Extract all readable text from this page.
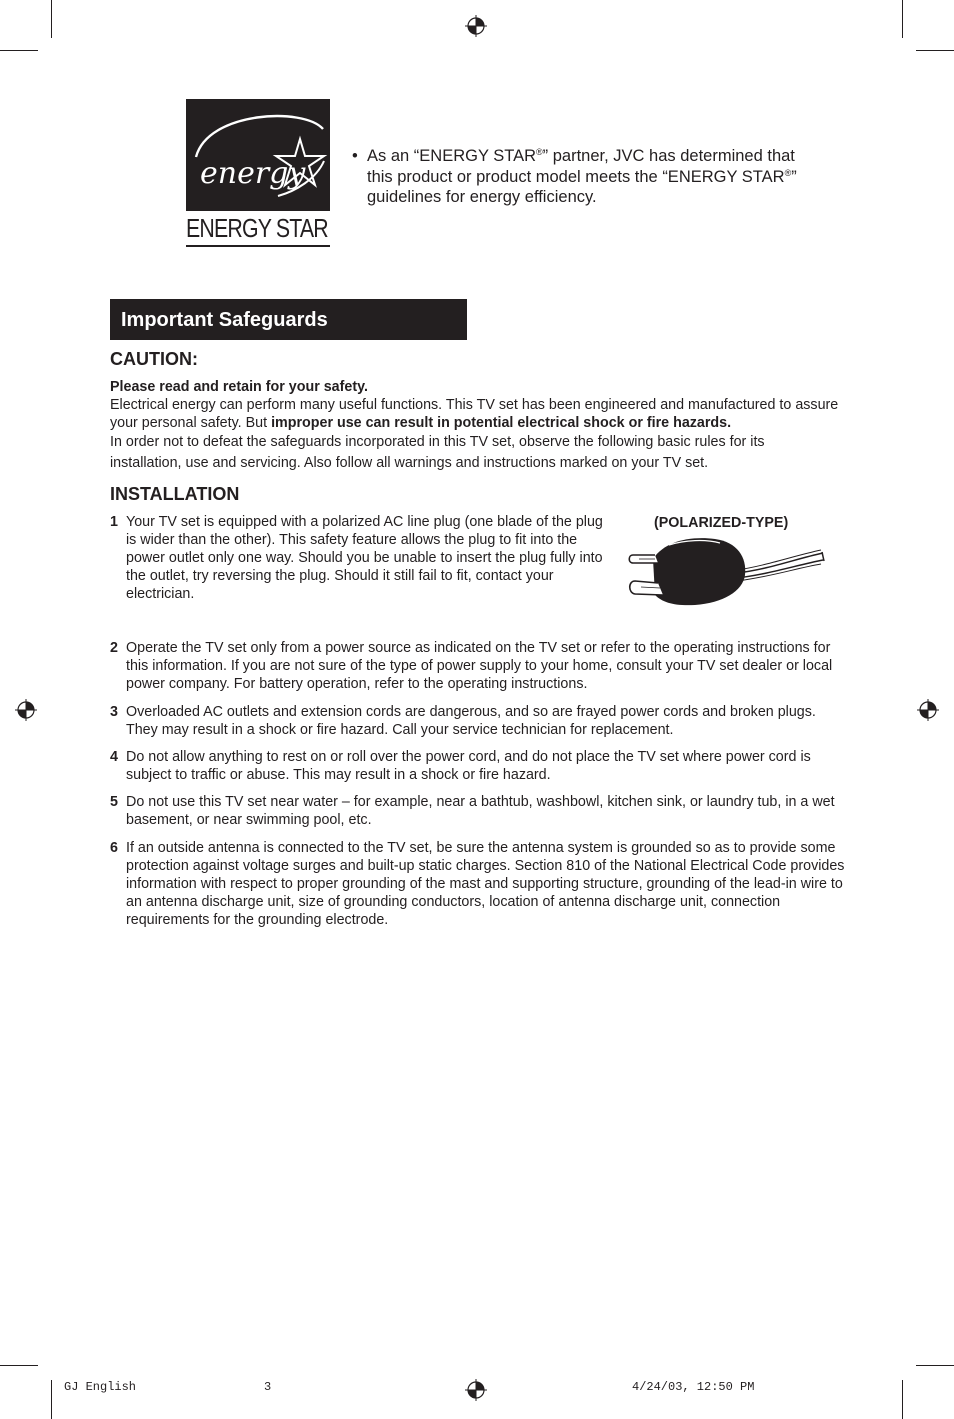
energy
ENERGY STAR
• As an “ENERGY STAR®” partner, JVC has determined that this product or product model meets the “ENERGY STAR®” guidelines for energy efficiency.
Important Safeguards
CAUTION:
Please read and retain for your safety.
Electrical energy can perform many useful functions. This TV set has been engineered and manufactured to assure your personal safety. But improper use can result in potential electrical shock or fire hazards.
In order not to defeat the safeguards incorporated in this TV set, observe the following basic rules for its installation, use and servicing. Also follow all warnings and instructions marked on your TV set.
INSTALLATION
1 Your TV set is equipped with a polarized AC line plug (one blade of the plug is wider than the other). This safety feature allows the plug to fit into the power outlet only one way. Should you be unable to insert the plug fully into the outlet, try reversing the plug. Should it still fail to fit, contact your electrician.
(POLARIZED-TYPE)
2 Operate the TV set only from a power source as indicated on the TV set or refer to the operating instructions for this information. If you are not sure of the type of power supply to your home, consult your TV set dealer or local power company. For battery operation, refer to the operating instructions.
3 Overloaded AC outlets and extension cords are dangerous, and so are frayed power cords and broken plugs. They may result in a shock or fire hazard. Call your service technician for replacement.
4 Do not allow anything to rest on or roll over the power cord, and do not place the TV set where power cord is subject to traffic or abuse. This may result in a shock or fire hazard.
5 Do not use this TV set near water – for example, near a bathtub, washbowl, kitchen sink, or laundry tub, in a wet basement, or near swimming pool, etc.
6 If an outside antenna is connected to the TV set, be sure the antenna system is grounded so as to provide some protection against voltage surges and built-up static charges. Section 810 of the National Electrical Code provides information with respect to proper grounding of the mast and supporting structure, grounding of the lead-in wire to an antenna discharge unit, size of grounding conductors, location of antenna discharge unit, connection requirements for the grounding electrode.
GJ English	3	4/24/03, 12:50 PM
